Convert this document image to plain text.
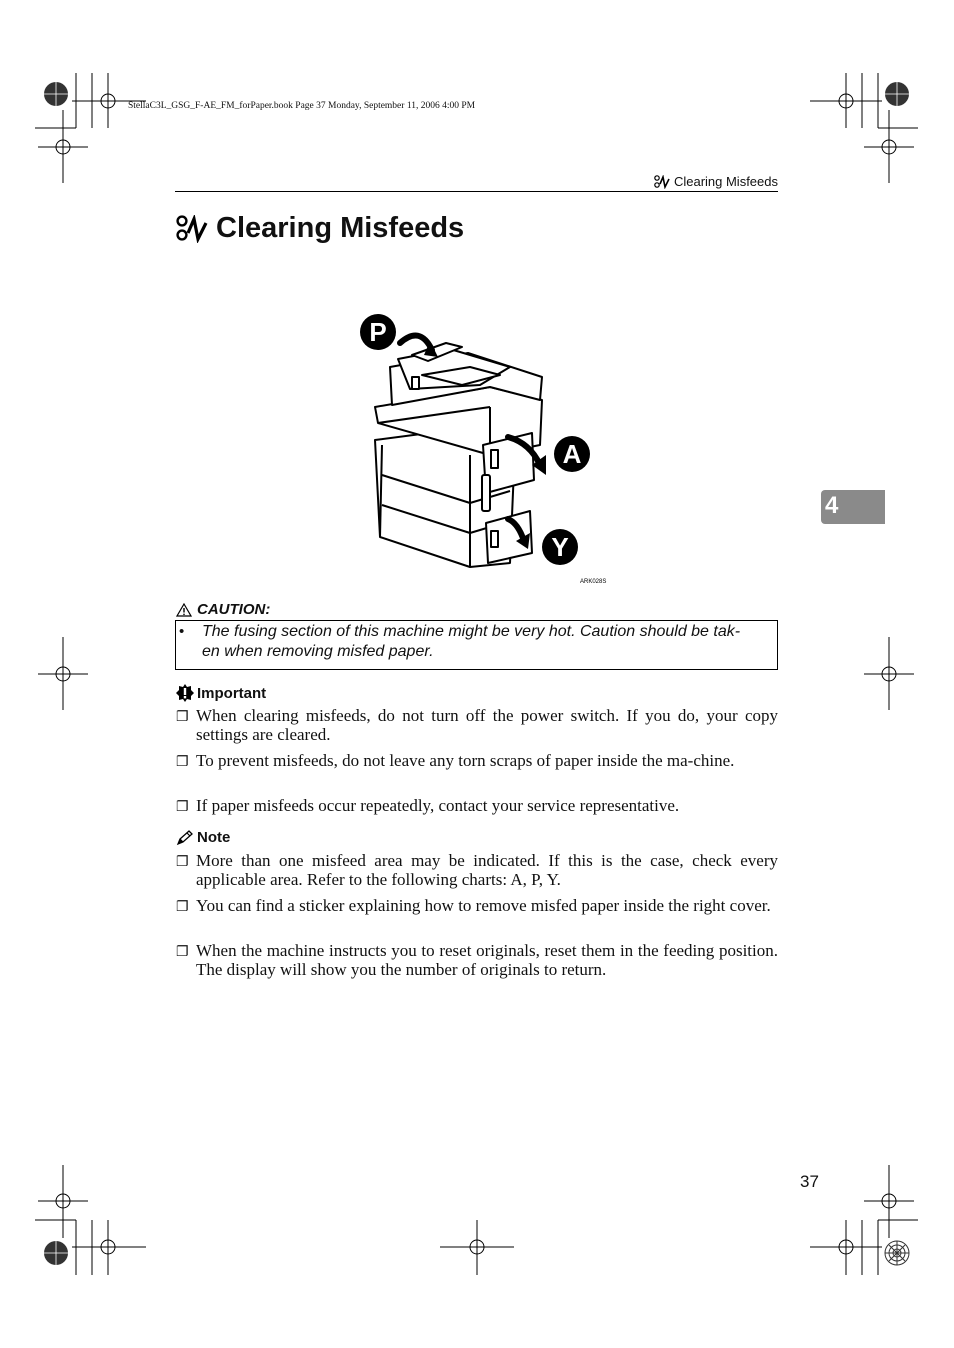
StellaC3L_GSG_F-AE_FM_forPaper.book Page 37 Monday, September 11, 2006 4:00 PM
Clearing Misfeeds
Clearing Misfeeds
4
P
A
Y
ARK028S
CAUTION:
• The fusing section of this machine might be very hot. Caution should be tak-
en when removing misfed paper.
Important
❐ When clearing misfeeds, do not turn off the power switch. If you do, your copy settings are cleared.
❐ To prevent misfeeds, do not leave any torn scraps of paper inside the ma-chine.
❐ If paper misfeeds occur repeatedly, contact your service representative.
Note
❐ More than one misfeed area may be indicated. If this is the case, check every applicable area. Refer to the following charts: A, P, Y.
❐ You can find a sticker explaining how to remove misfed paper inside the right cover.
❐ When the machine instructs you to reset originals, reset them in the feeding position. The display will show you the number of originals to return.
37
